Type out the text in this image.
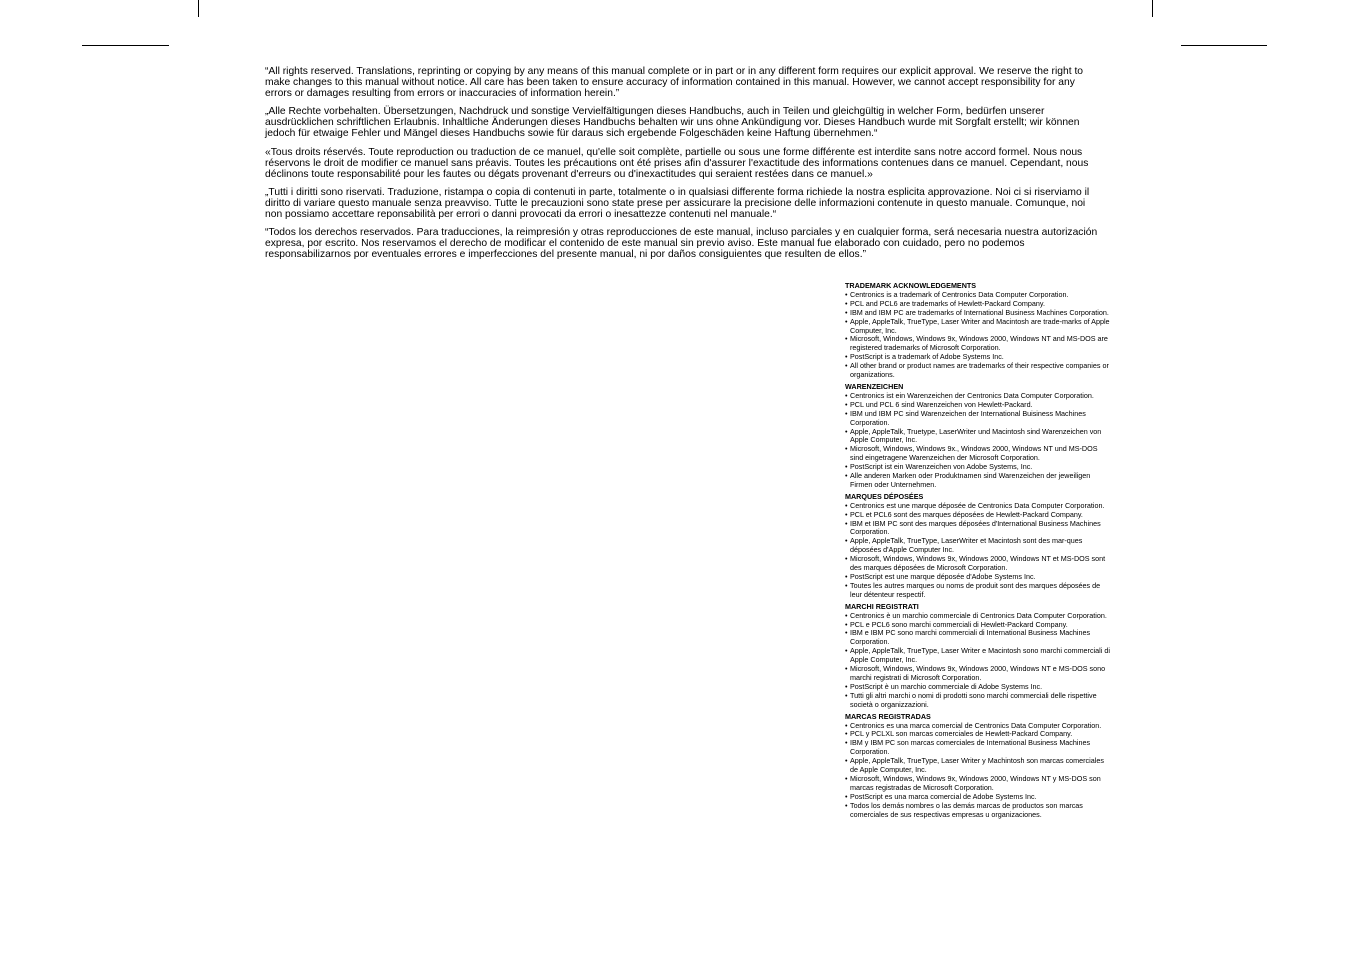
“All rights reserved. Translations, reprinting or copying by any means of this manual complete or in part or in any different form requires our explicit approval. We reserve the right to make changes to this manual without notice. All care has been taken to ensure accuracy of information contained in this manual. However, we cannot accept responsibility for any errors or damages resulting from errors or inaccuracies of information herein.”

„Alle Rechte vorbehalten. Übersetzungen, Nachdruck und sonstige Vervielfältigungen dieses Handbuchs, auch in Teilen und gleichgültig in welcher Form, bedürfen unserer ausdrücklichen schriftlichen Erlaubnis. Inhaltliche Änderungen dieses Handbuchs behalten wir uns ohne Ankündigung vor. Dieses Handbuch wurde mit Sorgfalt erstellt; wir können jedoch für etwaige Fehler und Mängel dieses Handbuchs sowie für daraus sich ergebende Folgeschäden keine Haftung übernehmen.“

«Tous droits réservés. Toute reproduction ou traduction de ce manuel, qu'elle soit complète, partielle ou sous une forme différente est interdite sans notre accord formel. Nous nous réservons le droit de modifier ce manuel sans préavis. Toutes les précautions ont été prises afin d'assurer l'exactitude des informations contenues dans ce manuel. Cependant, nous déclinons toute responsabilité pour les fautes ou dégats provenant d'erreurs ou d'inexactitudes qui seraient restées dans ce manuel.»

„Tutti i diritti sono riservati. Traduzione, ristampa o copia di contenuti in parte, totalmente o in qualsiasi differente forma richiede la nostra esplicita approvazione. Noi ci si riserviamo il diritto di variare questo manuale senza preavviso. Tutte le precauzioni sono state prese per assicurare la precisione delle informazioni contenute in questo manuale. Comunque, noi non possiamo accettare reponsabilità per errori o danni provocati da errori o inesattezze contenuti nel manuale.“

“Todos los derechos reservados. Para traducciones, la reimpresión y otras reproducciones de este manual, incluso parciales y en cualquier forma, será necesaria nuestra autorización expresa, por escrito. Nos reservamos el derecho de modificar el contenido de este manual sin previo aviso. Este manual fue elaborado con cuidado, pero no podemos responsabilizarnos por eventuales errores e imperfecciones del presente manual, ni por daños consiguientes que resulten de ellos.”

TRADEMARK ACKNOWLEDGEMENTS
• Centronics is a trademark of Centronics Data Computer Corporation.
• PCL and PCL6 are trademarks of Hewlett-Packard Company.
• IBM and IBM PC are trademarks of International Business Machines Corporation.
• Apple, AppleTalk, TrueType, Laser Writer and Macintosh are trade-marks of Apple Computer, Inc.
• Microsoft, Windows, Windows 9x, Windows 2000, Windows NT and MS-DOS are registered trademarks of Microsoft Corporation.
• PostScript is a trademark of Adobe Systems Inc.
• All other brand or product names are trademarks of their respective companies or organizations.
WARENZEICHEN
• Centronics ist ein Warenzeichen der Centronics Data Computer Corporation.
• PCL und PCL 6 sind Warenzeichen von Hewlett-Packard.
• IBM und IBM PC sind Warenzeichen der International Buisiness Machines Corporation.
• Apple, AppleTalk, Truetype, LaserWriter und Macintosh sind Warenzeichen von Apple Computer, Inc.
• Microsoft, Windows, Windows 9x., Windows 2000, Windows NT und MS-DOS sind eingetragene Warenzeichen der Microsoft Corporation.
• PostScript ist ein Warenzeichen von Adobe Systems, Inc.
• Alle anderen Marken oder Produktnamen sind Warenzeichen der jeweiligen Firmen oder Unternehmen.
MARQUES DÉPOSÉES
• Centronics est une marque déposée de Centronics Data Computer Corporation.
• PCL et PCL6 sont des marques déposées de Hewlett-Packard Company.
• IBM et IBM PC sont des marques déposées d'International Business Machines Corporation.
• Apple, AppleTalk, TrueType, LaserWriter et Macintosh sont des mar-ques déposées d'Apple Computer Inc.
• Microsoft, Windows, Windows 9x, Windows 2000, Windows NT et MS-DOS sont des marques déposées de Microsoft Corporation.
• PostScript est une marque déposée d'Adobe Systems Inc.
• Toutes les autres marques ou noms de produit sont des marques déposées de leur détenteur respectif.
MARCHI REGISTRATI
• Centronics è un marchio commerciale di Centronics Data Computer Corporation.
• PCL e PCL6 sono marchi commerciali di Hewlett-Packard Company.
• IBM e IBM PC sono marchi commerciali di International Business Machines Corporation.
• Apple, AppleTalk, TrueType, Laser Writer e Macintosh sono marchi commerciali di Apple Computer, Inc.
• Microsoft, Windows, Windows 9x, Windows 2000, Windows NT e MS-DOS sono marchi registrati di Microsoft Corporation.
• PostScript è un marchio commerciale di Adobe Systems Inc.
• Tutti gli altri marchi o nomi di prodotti sono marchi commerciali delle rispettive società o organizzazioni.
MARCAS REGISTRADAS
• Centronics es una marca comercial de Centronics Data Computer Corporation.
• PCL y PCLXL son marcas comerciales de Hewlett-Packard Company.
• IBM y IBM PC son marcas comerciales de International Business Machines Corporation.
• Apple, AppleTalk, TrueType, Laser Writer y Machintosh son marcas comerciales de Apple Computer, Inc.
• Microsoft, Windows, Windows 9x, Windows 2000, Windows NT y MS-DOS son marcas registradas de Microsoft Corporation.
• PostScript es una marca comercial de Adobe Systems Inc.
• Todos los demás nombres o las demás marcas de productos son marcas comerciales de sus respectivas empresas u organizaciones.
